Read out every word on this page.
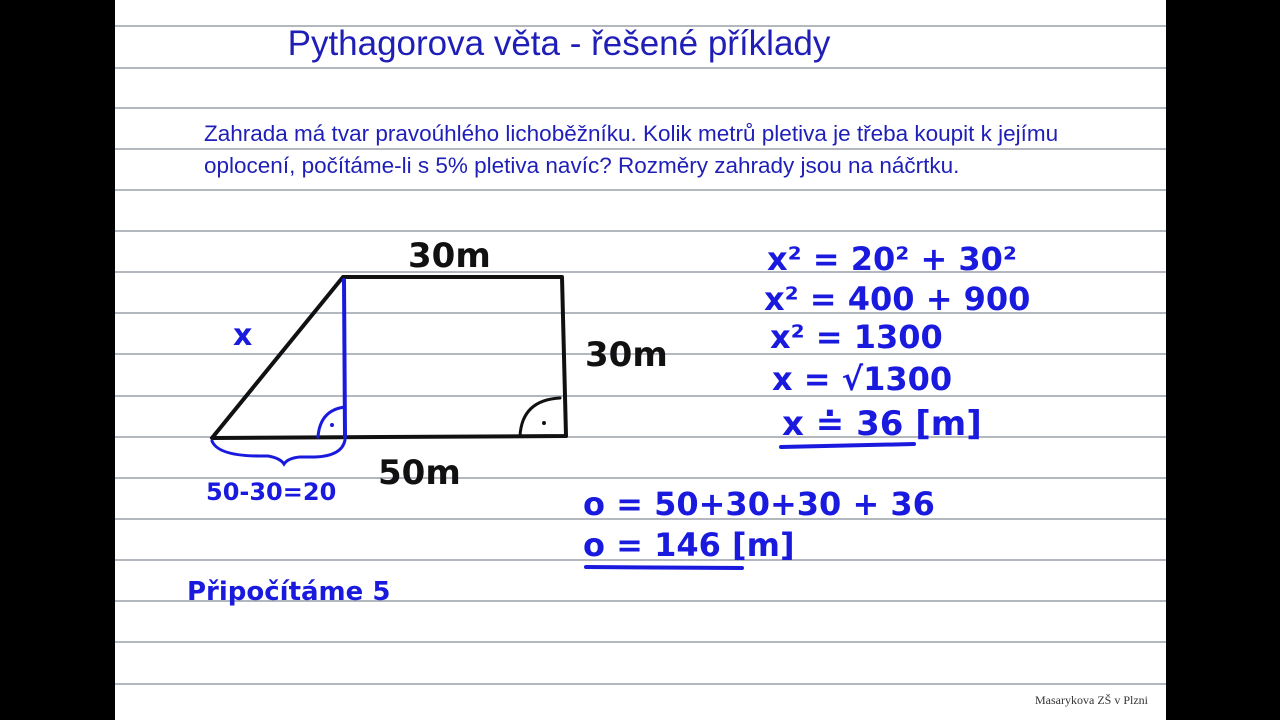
Pythagorova věta - řešené příklady
Zahrada má tvar pravoúhlého lichoběžníku. Kolik metrů pletiva je třeba koupit k jejímu oplocení, počítáme-li s 5% pletiva navíc? Rozměry zahrady jsou na náčrtku.
30m
30m
50m
x
50-30=20
x² = 20² + 30²
x² = 400 + 900
x² = 1300
x = √1300
x ≐ 36 [m]
o = 50+30+30 + 36
o = 146 [m]
Připočítáme 5
Masarykova ZŠ v Plzni
